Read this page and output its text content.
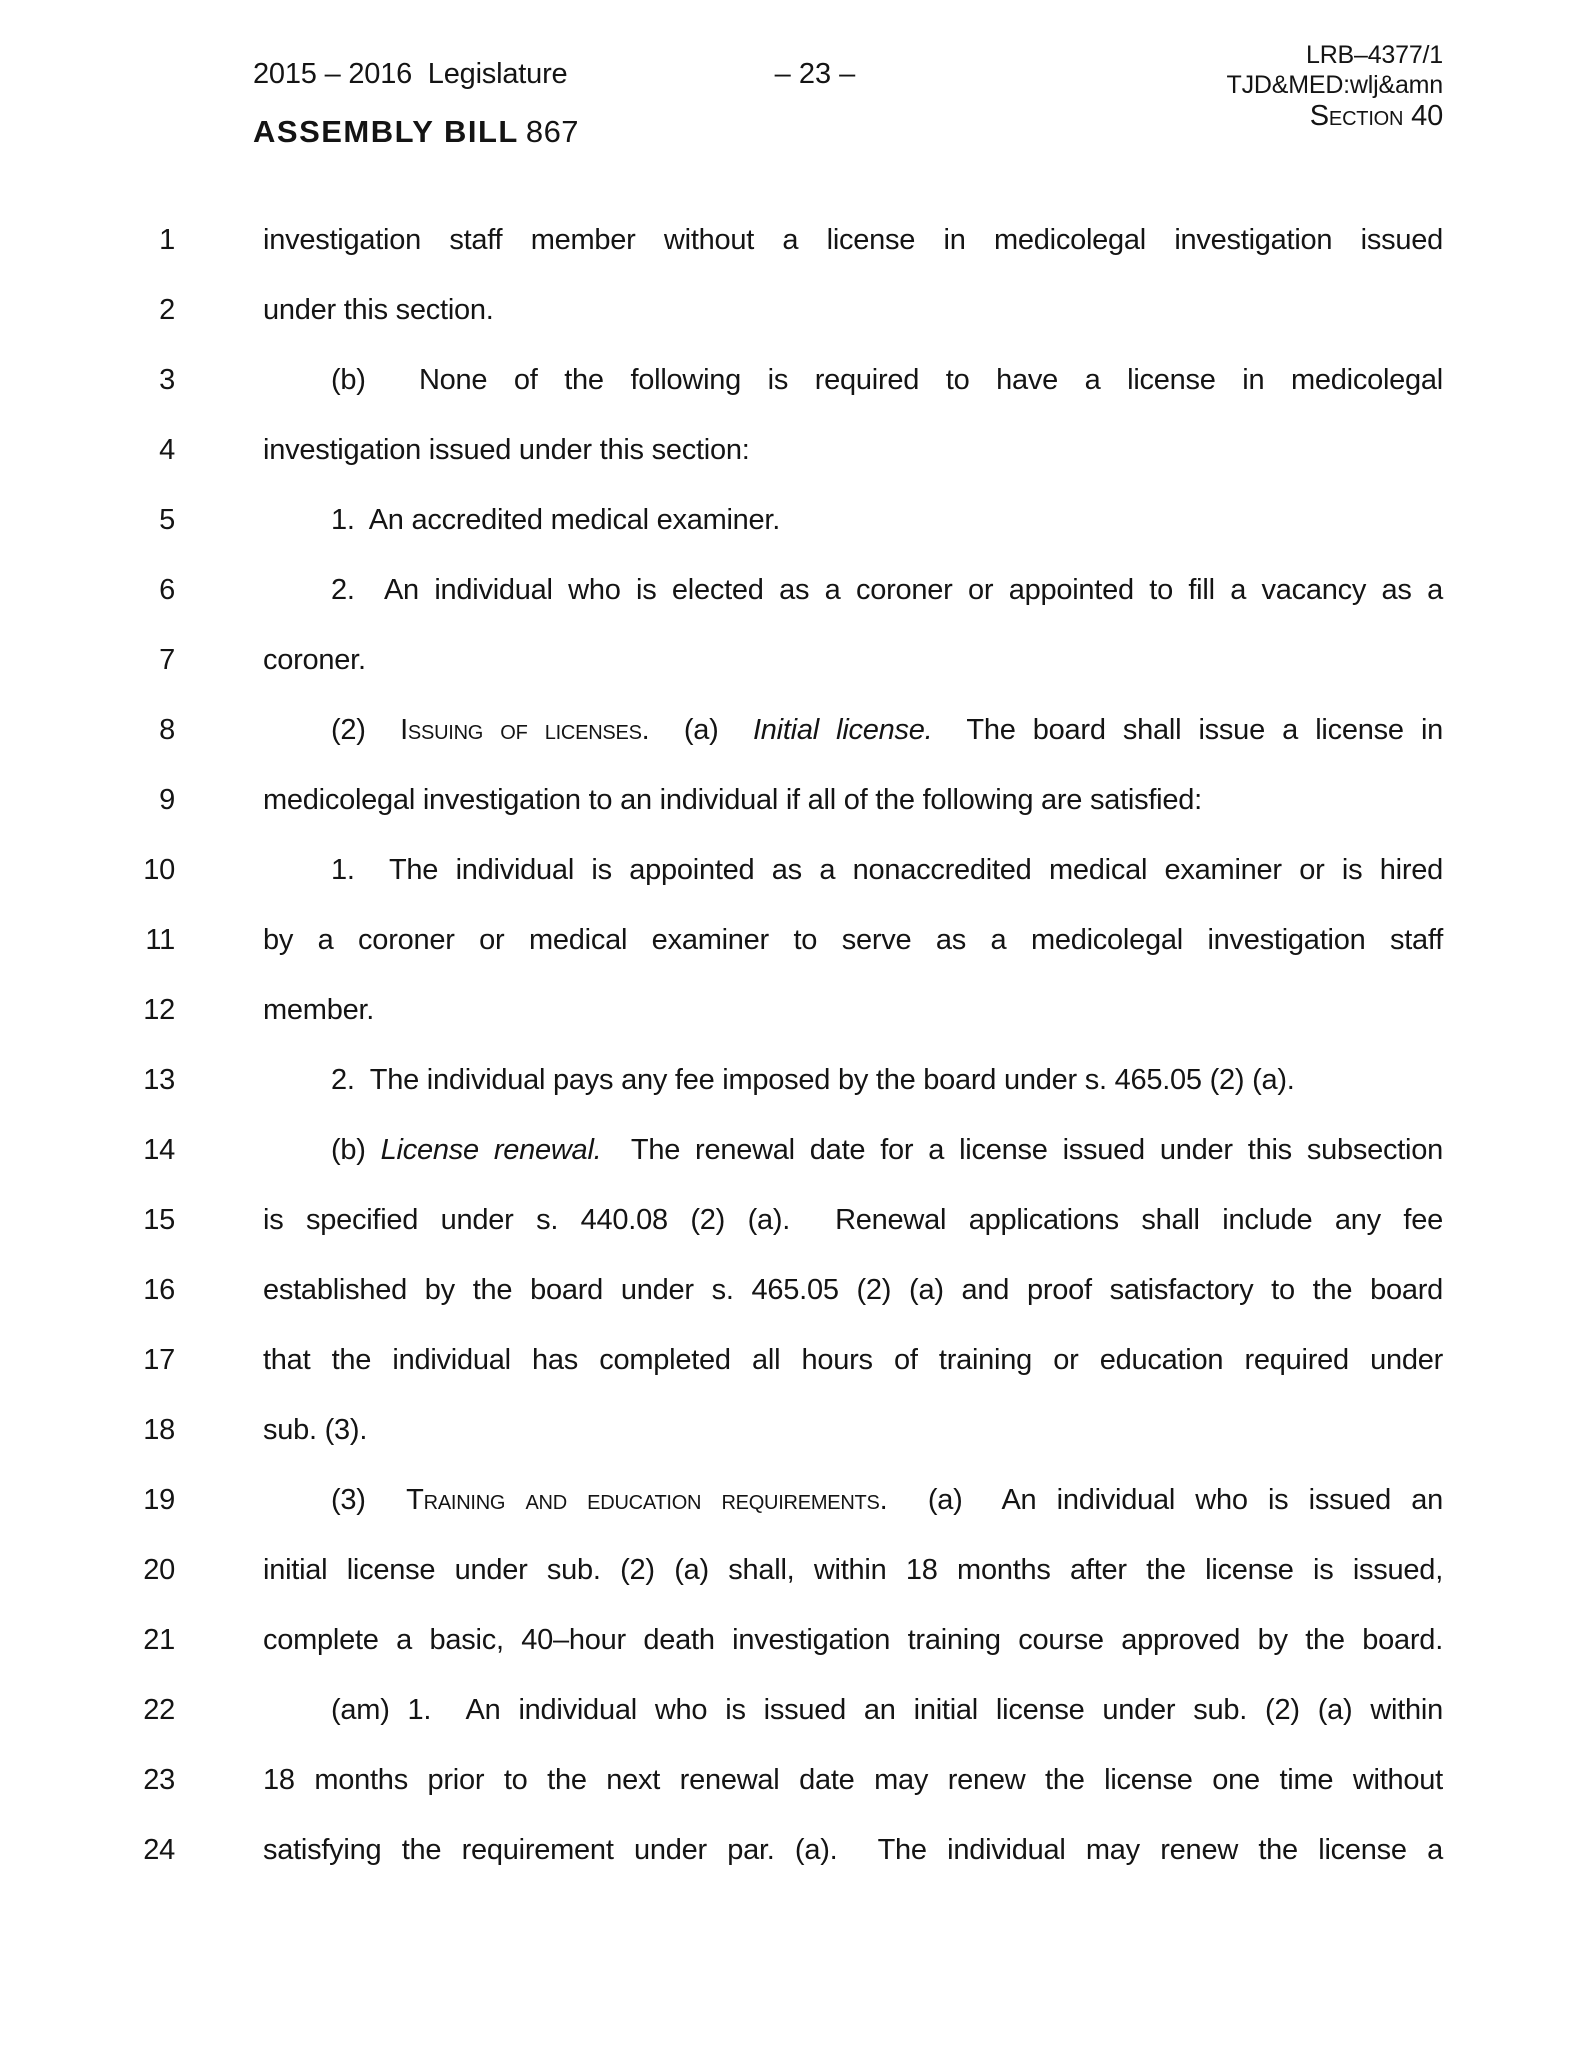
2015 – 2016  Legislature	– 23 –
LRB–4377/1
TJD&MED:wlj&amn
Section 40
ASSEMBLY BILL 867
1	investigation staff member without a license in medicolegal investigation issued
2	under this section.
3	(b)  None of the following is required to have a license in medicolegal
4	investigation issued under this section:
5	1.  An accredited medical examiner.
6	2.  An individual who is elected as a coroner or appointed to fill a vacancy as a
7	coroner.
8	(2)  Issuing of licenses.  (a)  Initial license.  The board shall issue a license in
9	medicolegal investigation to an individual if all of the following are satisfied:
10	1.  The individual is appointed as a nonaccredited medical examiner or is hired
11	by a coroner or medical examiner to serve as a medicolegal investigation staff
12	member.
13	2.  The individual pays any fee imposed by the board under s. 465.05 (2) (a).
14	(b) License renewal.  The renewal date for a license issued under this subsection
15	is specified under s. 440.08 (2) (a).  Renewal applications shall include any fee
16	established by the board under s. 465.05 (2) (a) and proof satisfactory to the board
17	that the individual has completed all hours of training or education required under
18	sub. (3).
19	(3)  Training and education requirements.  (a)  An individual who is issued an
20	initial license under sub. (2) (a) shall, within 18 months after the license is issued,
21	complete a basic, 40–hour death investigation training course approved by the board.
22	(am) 1.  An individual who is issued an initial license under sub. (2) (a) within
23	18 months prior to the next renewal date may renew the license one time without
24	satisfying the requirement under par. (a).  The individual may renew the license a
